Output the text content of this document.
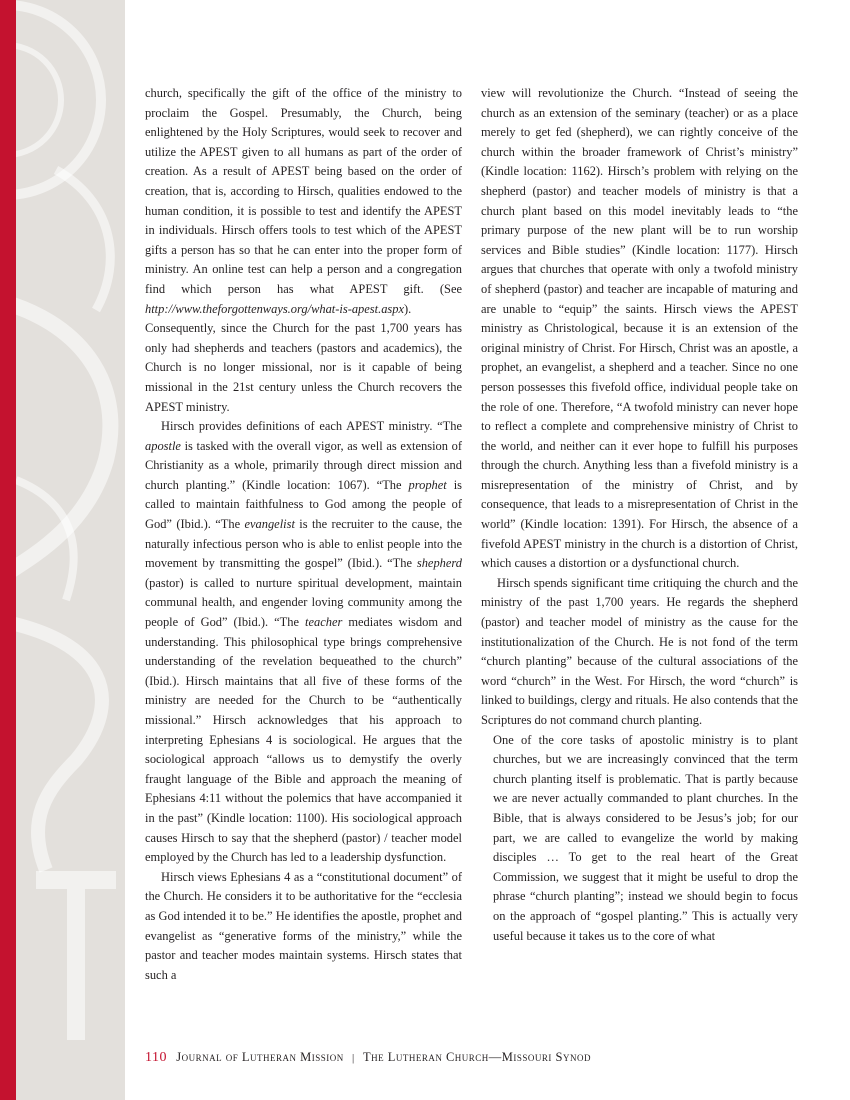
church, specifically the gift of the office of the ministry to proclaim the Gospel. Presumably, the Church, being enlightened by the Holy Scriptures, would seek to recover and utilize the APEST given to all humans as part of the order of creation. As a result of APEST being based on the order of creation, that is, according to Hirsch, qualities endowed to the human condition, it is possible to test and identify the APEST in individuals. Hirsch offers tools to test which of the APEST gifts a person has so that he can enter into the proper form of ministry. An online test can help a person and a congregation find which person has what APEST gift. (See http://www.theforgottenways.org/what-is-apest.aspx). Consequently, since the Church for the past 1,700 years has only had shepherds and teachers (pastors and academics), the Church is no longer missional, nor is it capable of being missional in the 21st century unless the Church recovers the APEST ministry.

Hirsch provides definitions of each APEST ministry. “The apostle is tasked with the overall vigor, as well as extension of Christianity as a whole, primarily through direct mission and church planting.” (Kindle location: 1067). “The prophet is called to maintain faithfulness to God among the people of God” (Ibid.). “The evangelist is the recruiter to the cause, the naturally infectious person who is able to enlist people into the movement by transmitting the gospel” (Ibid.). “The shepherd (pastor) is called to nurture spiritual development, maintain communal health, and engender loving community among the people of God” (Ibid.). “The teacher mediates wisdom and understanding. This philosophical type brings comprehensive understanding of the revelation bequeathed to the church” (Ibid.). Hirsch maintains that all five of these forms of the ministry are needed for the Church to be “authentically missional.” Hirsch acknowledges that his approach to interpreting Ephesians 4 is sociological. He argues that the sociological approach “allows us to demystify the overly fraught language of the Bible and approach the meaning of Ephesians 4:11 without the polemics that have accompanied it in the past” (Kindle location: 1100). His sociological approach causes Hirsch to say that the shepherd (pastor) / teacher model employed by the Church has led to a leadership dysfunction.

Hirsch views Ephesians 4 as a “constitutional document” of the Church. He considers it to be authoritative for the “ecclesia as God intended it to be.” He identifies the apostle, prophet and evangelist as “generative forms of the ministry,” while the pastor and teacher modes maintain systems. Hirsch states that such a

view will revolutionize the Church. “Instead of seeing the church as an extension of the seminary (teacher) or as a place merely to get fed (shepherd), we can rightly conceive of the church within the broader framework of Christ’s ministry” (Kindle location: 1162). Hirsch’s problem with relying on the shepherd (pastor) and teacher models of ministry is that a church plant based on this model inevitably leads to “the primary purpose of the new plant will be to run worship services and Bible studies” (Kindle location: 1177). Hirsch argues that churches that operate with only a twofold ministry of shepherd (pastor) and teacher are incapable of maturing and are unable to “equip” the saints. Hirsch views the APEST ministry as Christological, because it is an extension of the original ministry of Christ. For Hirsch, Christ was an apostle, a prophet, an evangelist, a shepherd and a teacher. Since no one person possesses this fivefold office, individual people take on the role of one. Therefore, “A twofold ministry can never hope to reflect a complete and comprehensive ministry of Christ to the world, and neither can it ever hope to fulfill his purposes through the church. Anything less than a fivefold ministry is a misrepresentation of the ministry of Christ, and by consequence, that leads to a misrepresentation of Christ in the world” (Kindle location: 1391). For Hirsch, the absence of a fivefold APEST ministry in the church is a distortion of Christ, which causes a distortion or a dysfunctional church.

Hirsch spends significant time critiquing the church and the ministry of the past 1,700 years. He regards the shepherd (pastor) and teacher model of ministry as the cause for the institutionalization of the Church. He is not fond of the term “church planting” because of the cultural associations of the word “church” in the West. For Hirsch, the word “church” is linked to buildings, clergy and rituals. He also contends that the Scriptures do not command church planting.

One of the core tasks of apostolic ministry is to plant churches, but we are increasingly convinced that the term church planting itself is problematic. That is partly because we are never actually commanded to plant churches. In the Bible, that is always considered to be Jesus’s job; for our part, we are called to evangelize the world by making disciples … To get to the real heart of the Great Commission, we suggest that it might be useful to drop the phrase “church planting”; instead we should begin to focus on the approach of “gospel planting.” This is actually very useful because it takes us to the core of what

110 Journal of Lutheran Mission | The Lutheran Church—Missouri Synod
